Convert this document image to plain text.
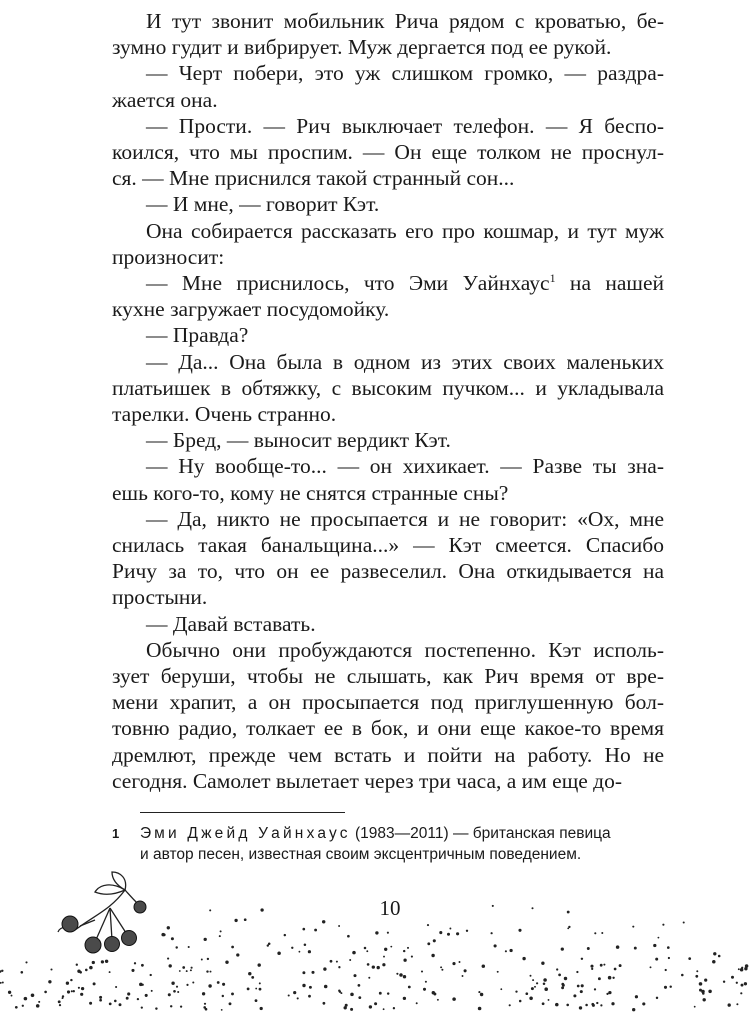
И тут звонит мобильник Рича рядом с кроватью, бе-

зумно гудит и вибрирует. Муж дергается под ее рукой.

— Черт побери, это уж слишком громко, — раздра-

жается она.

— Прости. — Рич выключает телефон. — Я беспо-

коился, что мы проспим. — Он еще толком не проснул-

ся. — Мне приснился такой странный сон...

— И мне, — говорит Кэт.

Она собирается рассказать его про кошмар, и тут муж

произносит:

— Мне приснилось, что Эми Уайнхаус$^1$ на нашей

кухне загружает посудомойку.

— Правда?

— Да... Она была в одном из этих своих маленьких

платьишек в обтяжку, с высоким пучком... и укладывала

тарелки. Очень странно.

— Бред, — выносит вердикт Кэт.

— Ну вообще-то... — он хихикает. — Разве ты зна-

ешь кого-то, кому не снятся странные сны?

— Да, никто не просыпается и не говорит: «Ох, мне

снилась такая банальщина...» — Кэт смеется. Спасибо

Ричу за то, что он ее развеселил. Она откидывается на

простыни.

— Давай вставать.

Обычно они пробуждаются постепенно. Кэт исполь-

зует беруши, чтобы не слышать, как Рич время от вре-

мени храпит, а он просыпается под приглушенную бол-

товню радио, толкает ее в бок, и они еще какое-то время

дремлют, прежде чем встать и пойти на работу. Но не

сегодня. Самолет вылетает через три часа, а им еще до-

1 Эми Джейд Уайнхаус (1983—2011) — британская певица
и автор песен, известная своим эксцентричным поведением.
10
